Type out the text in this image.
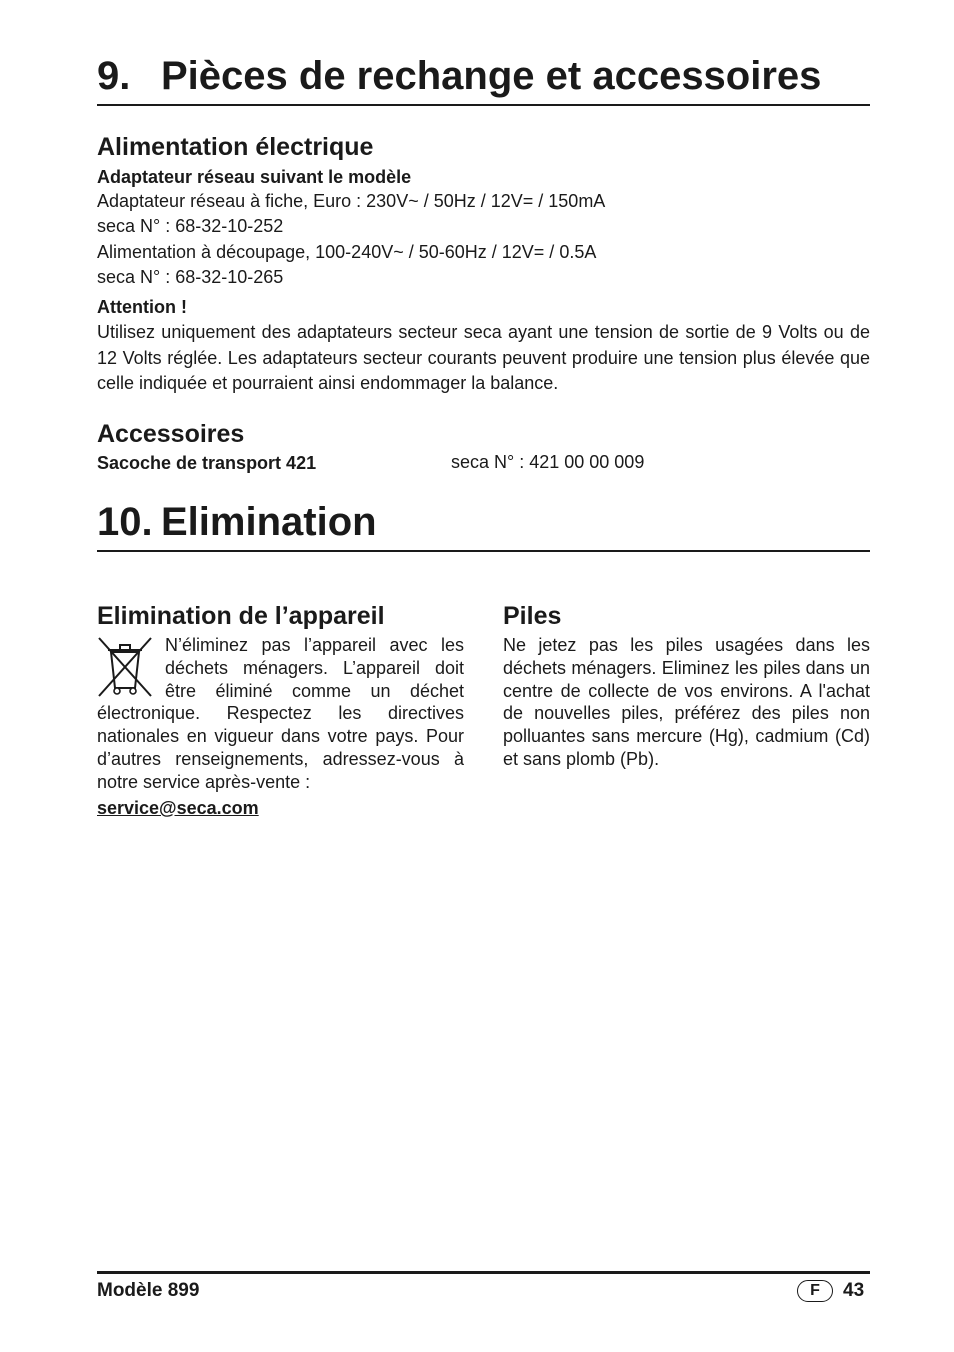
9. Pièces de rechange et accessoires
Alimentation électrique
Adaptateur réseau suivant le modèle
Adaptateur réseau à fiche, Euro : 230V~ / 50Hz / 12V= / 150mA
seca N° : 68-32-10-252
Alimentation à découpage, 100-240V~ / 50-60Hz / 12V= / 0.5A
seca N° : 68-32-10-265
Attention !
Utilisez uniquement des adaptateurs secteur seca ayant une tension de sortie de 9 Volts ou de 12 Volts réglée. Les adaptateurs secteur courants peuvent produire une tension plus élevée que celle indiquée et pourraient ainsi endommager la balance.
Accessoires
Sacoche de transport 421	seca N° : 421 00 00 009
10. Elimination
Elimination de l’appareil
N’éliminez pas l’appareil avec les déchets ménagers. L’appareil doit être éliminé comme un déchet électronique. Respectez les directives nationales en vigueur dans votre pays. Pour d’autres renseignements, adressez-vous à notre service après-vente :
service@seca.com
Piles
Ne jetez pas les piles usagées dans les déchets ménagers. Eliminez les piles dans un centre de collecte de vos environs. A l'achat de nouvelles piles, préférez des piles non polluantes sans mercure (Hg), cadmium (Cd) et sans plomb (Pb).
Modèle 899	F	43
